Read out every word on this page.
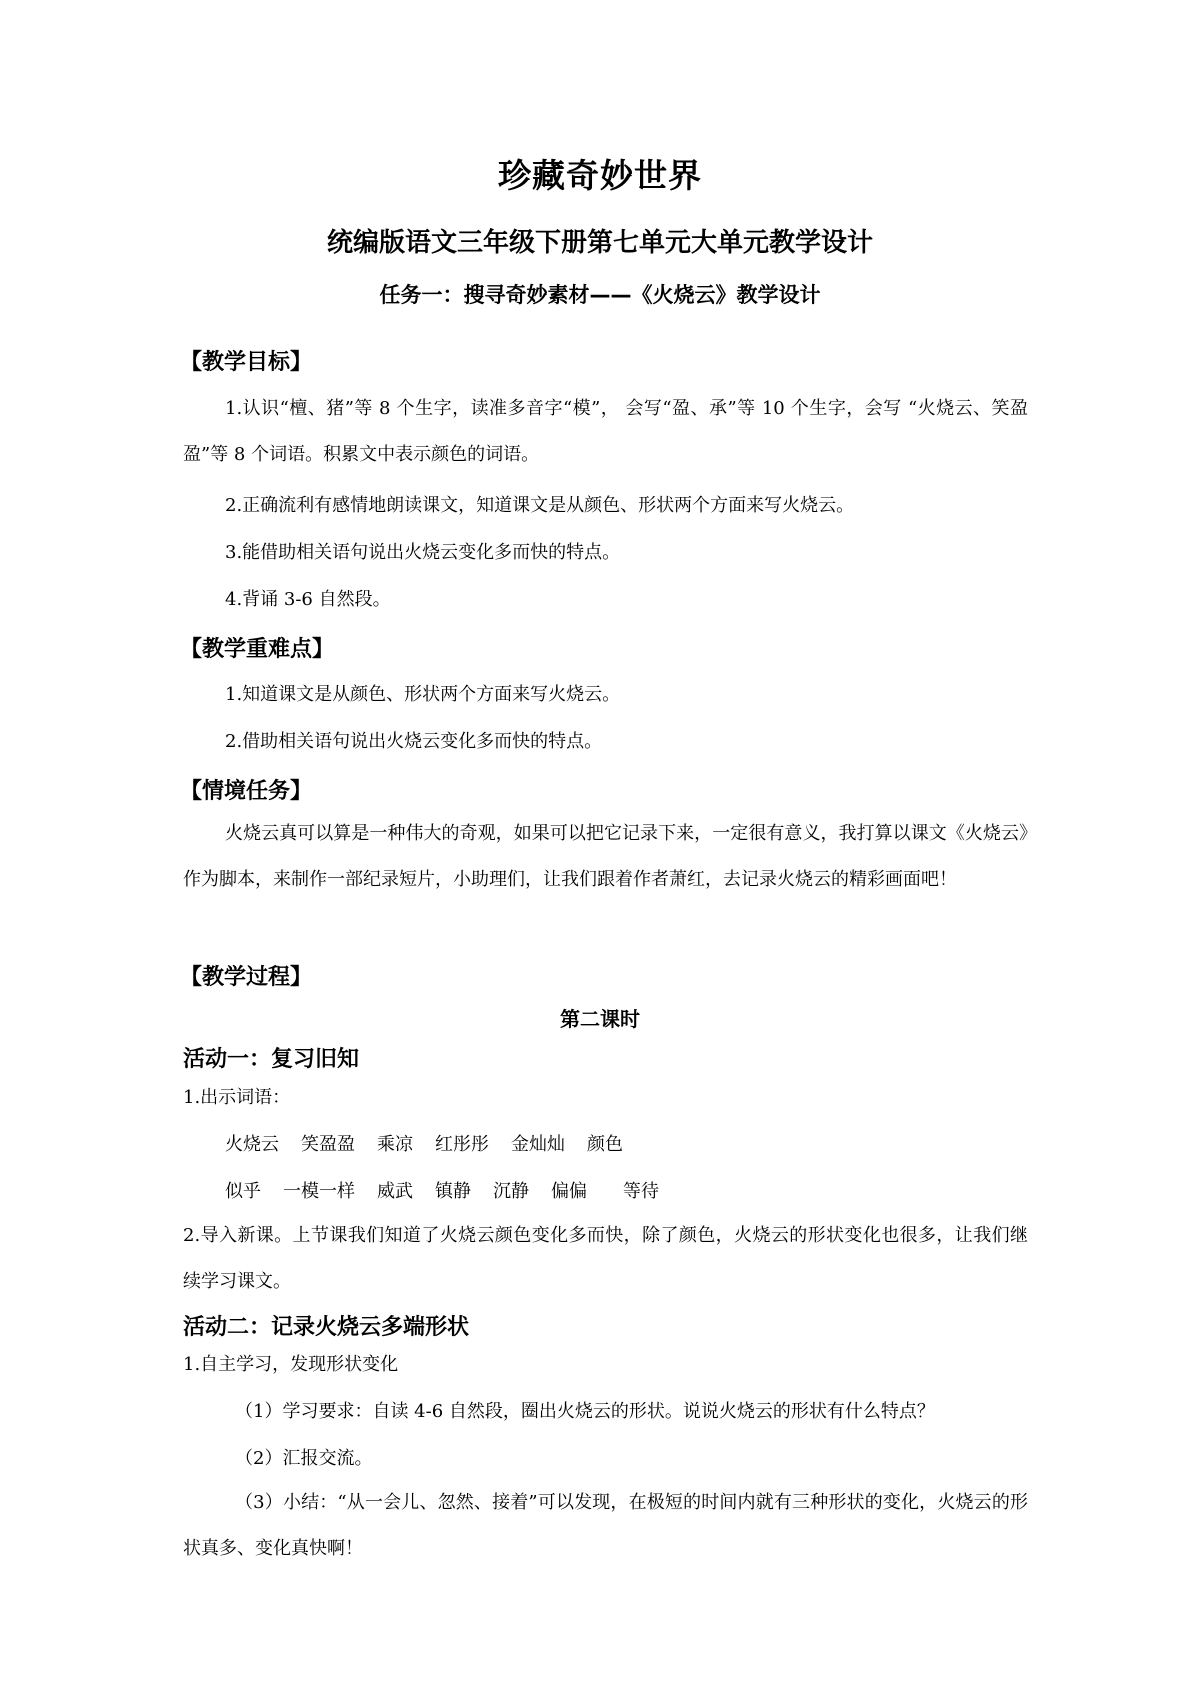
珍藏奇妙世界
统编版语文三年级下册第七单元大单元教学设计
任务一：搜寻奇妙素材——《火烧云》教学设计
【教学目标】
1.认识“檀、猪”等 8 个生字，读准多音字“模”， 会写“盈、承”等 10 个生字，会写 “火烧云、笑盈盈”等 8 个词语。积累文中表示颜色的词语。
2.正确流利有感情地朗读课文，知道课文是从颜色、形状两个方面来写火烧云。
3.能借助相关语句说出火烧云变化多而快的特点。
4.背诵 3-6 自然段。
【教学重难点】
1.知道课文是从颜色、形状两个方面来写火烧云。
2.借助相关语句说出火烧云变化多而快的特点。
【情境任务】
火烧云真可以算是一种伟大的奇观，如果可以把它记录下来，一定很有意义，我打算以课文《火烧云》作为脚本，来制作一部纪录短片，小助理们，让我们跟着作者萧红，去记录火烧云的精彩画面吧！
【教学过程】
第二课时
活动一：复习旧知
1.出示词语：
火烧云 笑盈盈 乘凉 红彤彤 金灿灿 颜色
似乎 一模一样 威武 镇静 沉静 偏偏 等待
2.导入新课。上节课我们知道了火烧云颜色变化多而快，除了颜色，火烧云的形状变化也很多，让我们继续学习课文。
活动二：记录火烧云多端形状
1.自主学习，发现形状变化
（1）学习要求：自读 4-6 自然段，圈出火烧云的形状。说说火烧云的形状有什么特点？
（2）汇报交流。
（3）小结：“从一会儿、忽然、接着”可以发现，在极短的时间内就有三种形状的变化，火烧云的形状真多、变化真快啊！
